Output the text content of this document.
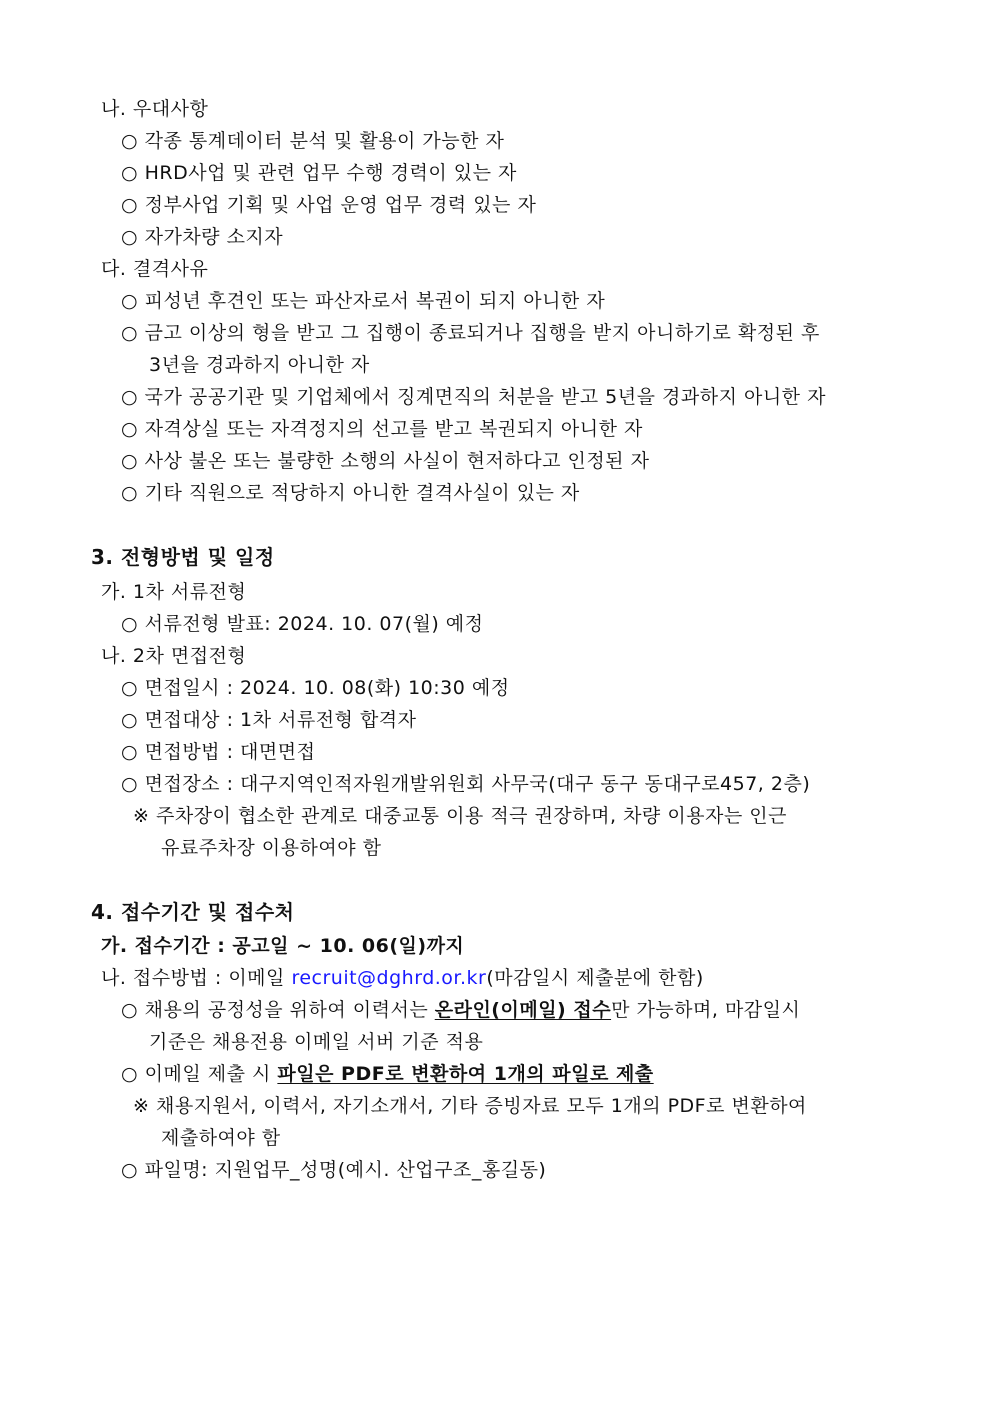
나. 우대사항
○ 각종 통계데이터 분석 및 활용이 가능한 자
○ HRD사업 및 관련 업무 수행 경력이 있는 자
○ 정부사업 기획 및 사업 운영 업무 경력 있는 자
○ 자가차량 소지자
다. 결격사유
○ 피성년 후견인 또는 파산자로서 복권이 되지 아니한 자
○ 금고 이상의 형을 받고 그 집행이 종료되거나 집행을 받지 아니하기로 확정된 후
3년을 경과하지 아니한 자
○ 국가 공공기관 및 기업체에서 징계면직의 처분을 받고 5년을 경과하지 아니한 자
○ 자격상실 또는 자격정지의 선고를 받고 복권되지 아니한 자
○ 사상 불온 또는 불량한 소행의 사실이 현저하다고 인정된 자
○ 기타 직원으로 적당하지 아니한 결격사실이 있는 자
3. 전형방법 및 일정
가. 1차 서류전형
○ 서류전형 발표: 2024. 10. 07(월) 예정
나. 2차 면접전형
○ 면접일시 : 2024. 10. 08(화) 10:30 예정
○ 면접대상 : 1차 서류전형 합격자
○ 면접방법 : 대면면접
○ 면접장소 : 대구지역인적자원개발위원회 사무국(대구 동구 동대구로457, 2층)
※ 주차장이 협소한 관계로 대중교통 이용 적극 권장하며, 차량 이용자는 인근
유료주차장 이용하여야 함
4. 접수기간 및 접수처
가. 접수기간 : 공고일 ~ 10. 06(일)까지
나. 접수방법 : 이메일 recruit@dghrd.or.kr(마감일시 제출분에 한함)
○ 채용의 공정성을 위하여 이력서는 온라인(이메일) 접수만 가능하며, 마감일시
기준은 채용전용 이메일 서버 기준 적용
○ 이메일 제출 시 파일은 PDF로 변환하여 1개의 파일로 제출
※ 채용지원서, 이력서, 자기소개서, 기타 증빙자료 모두 1개의 PDF로 변환하여
제출하여야 함
○ 파일명: 지원업무_성명(예시. 산업구조_홍길동)
